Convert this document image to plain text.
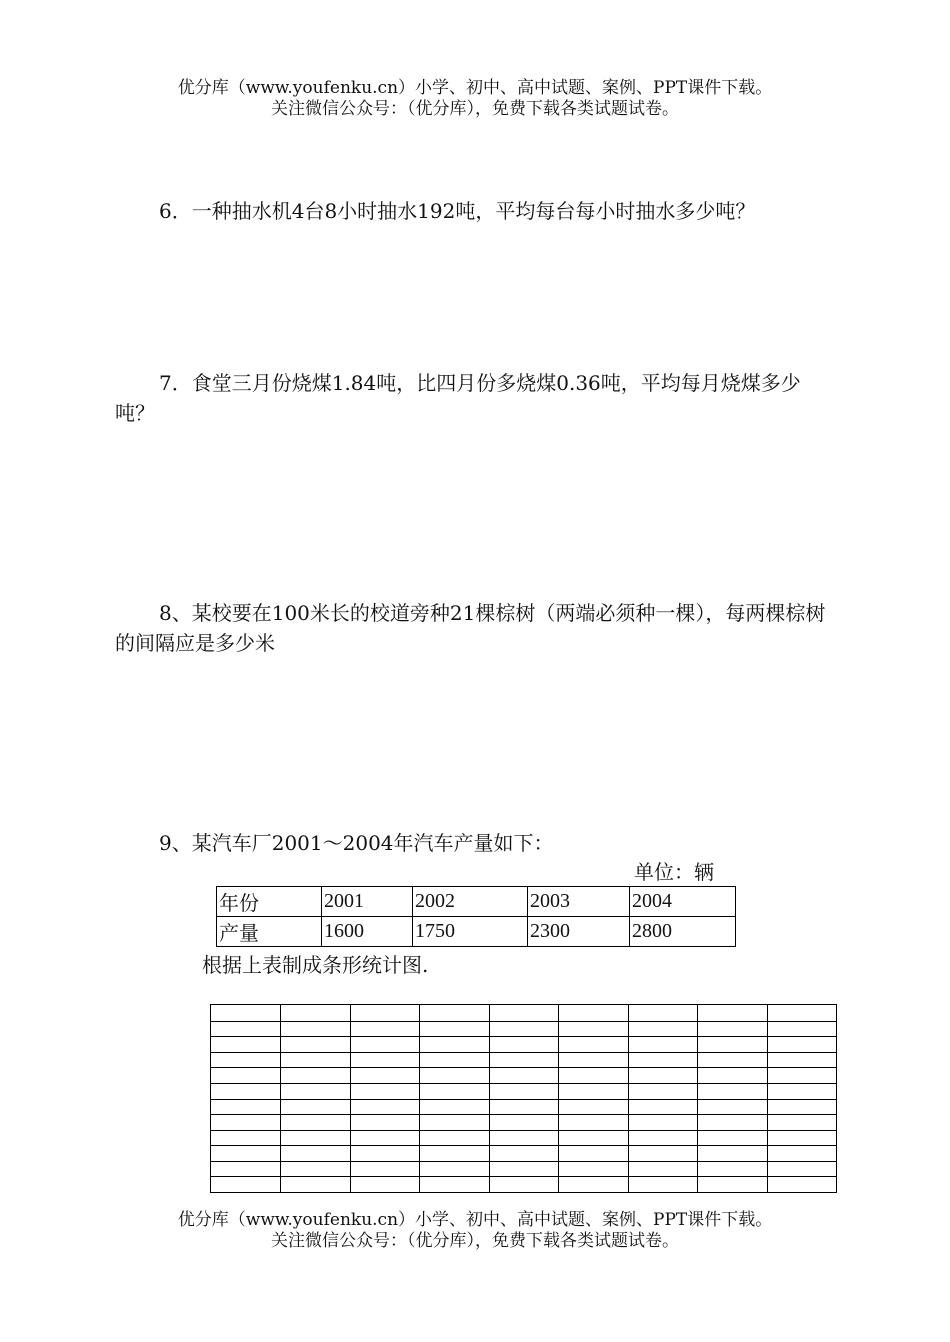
优分库（www.youfenku.cn）小学、初中、高中试题、案例、PPT课件下载。
关注微信公众号：（优分库），免费下载各类试题试卷。
6．一种抽水机4台8小时抽水192吨，平均每台每小时抽水多少吨？
7．食堂三月份烧煤1.84吨，比四月份多烧煤0.36吨，平均每月烧煤多少吨？
8、某校要在100米长的校道旁种21棵棕树（两端必须种一棵），每两棵棕树的间隔应是多少米
9、某汽车厂2001～2004年汽车产量如下：
单位：辆
年份	2001	2002	2003	2004
产量	1600	1750	2300	2800
根据上表制成条形统计图.
优分库（www.youfenku.cn）小学、初中、高中试题、案例、PPT课件下载。
关注微信公众号：（优分库），免费下载各类试题试卷。
